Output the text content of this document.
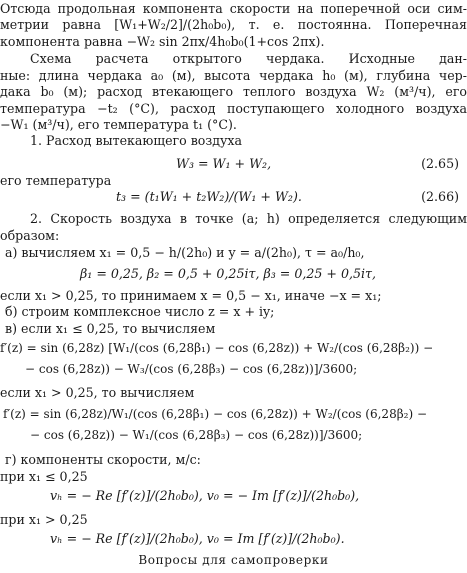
Отсюда продольная компонента скорости на поперечной оси сим-
метрии равна [W₁+W₂/2]/(2h₀b₀), т. е. постоянна. Поперечная
компонента равна −W₂ sin 2πx/4h₀b₀(1+cos 2πx).
Схема расчета открытого чердака. Исходные дан-
ные: длина чердака a₀ (м), высота чердака h₀ (м), глубина чер-
дака b₀ (м); расход втекающего теплого воздуха W₂ (м³/ч), его
температура −t₂ (°C), расход поступающего холодного воздуха
−W₁ (м³/ч), его температура t₁ (°C).
1. Расход вытекающего воздуха
W₃ = W₁ + W₂,	(2.65)
его температура
t₃ = (t₁W₁ + t₂W₂)/(W₁ + W₂).	(2.66)
2. Скорость воздуха в точке (a; h) определяется следующим
образом:
а) вычисляем x₁ = 0,5 − h/(2h₀) и y = a/(2h₀), τ = a₀/h₀,
β₁ = 0,25, β₂ = 0,5 + 0,25iτ, β₃ = 0,25 + 0,5iτ,
если x₁ > 0,25, то принимаем x = 0,5 − x₁, иначе −x = x₁;
б) строим комплексное число z = x + iy;
в) если x₁ ≤ 0,25, то вычисляем
f′(z) = sin (6,28z) [W₁/(cos (6,28β₁) − cos (6,28z)) + W₂/(cos (6,28β₂)) −
− cos (6,28z)) − W₃/(cos (6,28β₃) − cos (6,28z))]/3600;
если x₁ > 0,25, то вычисляем
f′(z) = sin (6,28z)/W₁/(cos (6,28β₁) − cos (6,28z)) + W₂/(cos (6,28β₂) −
− cos (6,28z)) − W₁/(cos (6,28β₃) − cos (6,28z))]/3600;
г) компоненты скорости, м/с:
при x₁ ≤ 0,25
vₕ = − Re [f′(z)]/(2h₀b₀), v₀ = − Im [f′(z)]/(2h₀b₀),
при x₁ > 0,25
vₕ = − Re [f′(z)]/(2h₀b₀), v₀ = Im [f′(z)]/(2h₀b₀).
Вопросы для самопроверки
